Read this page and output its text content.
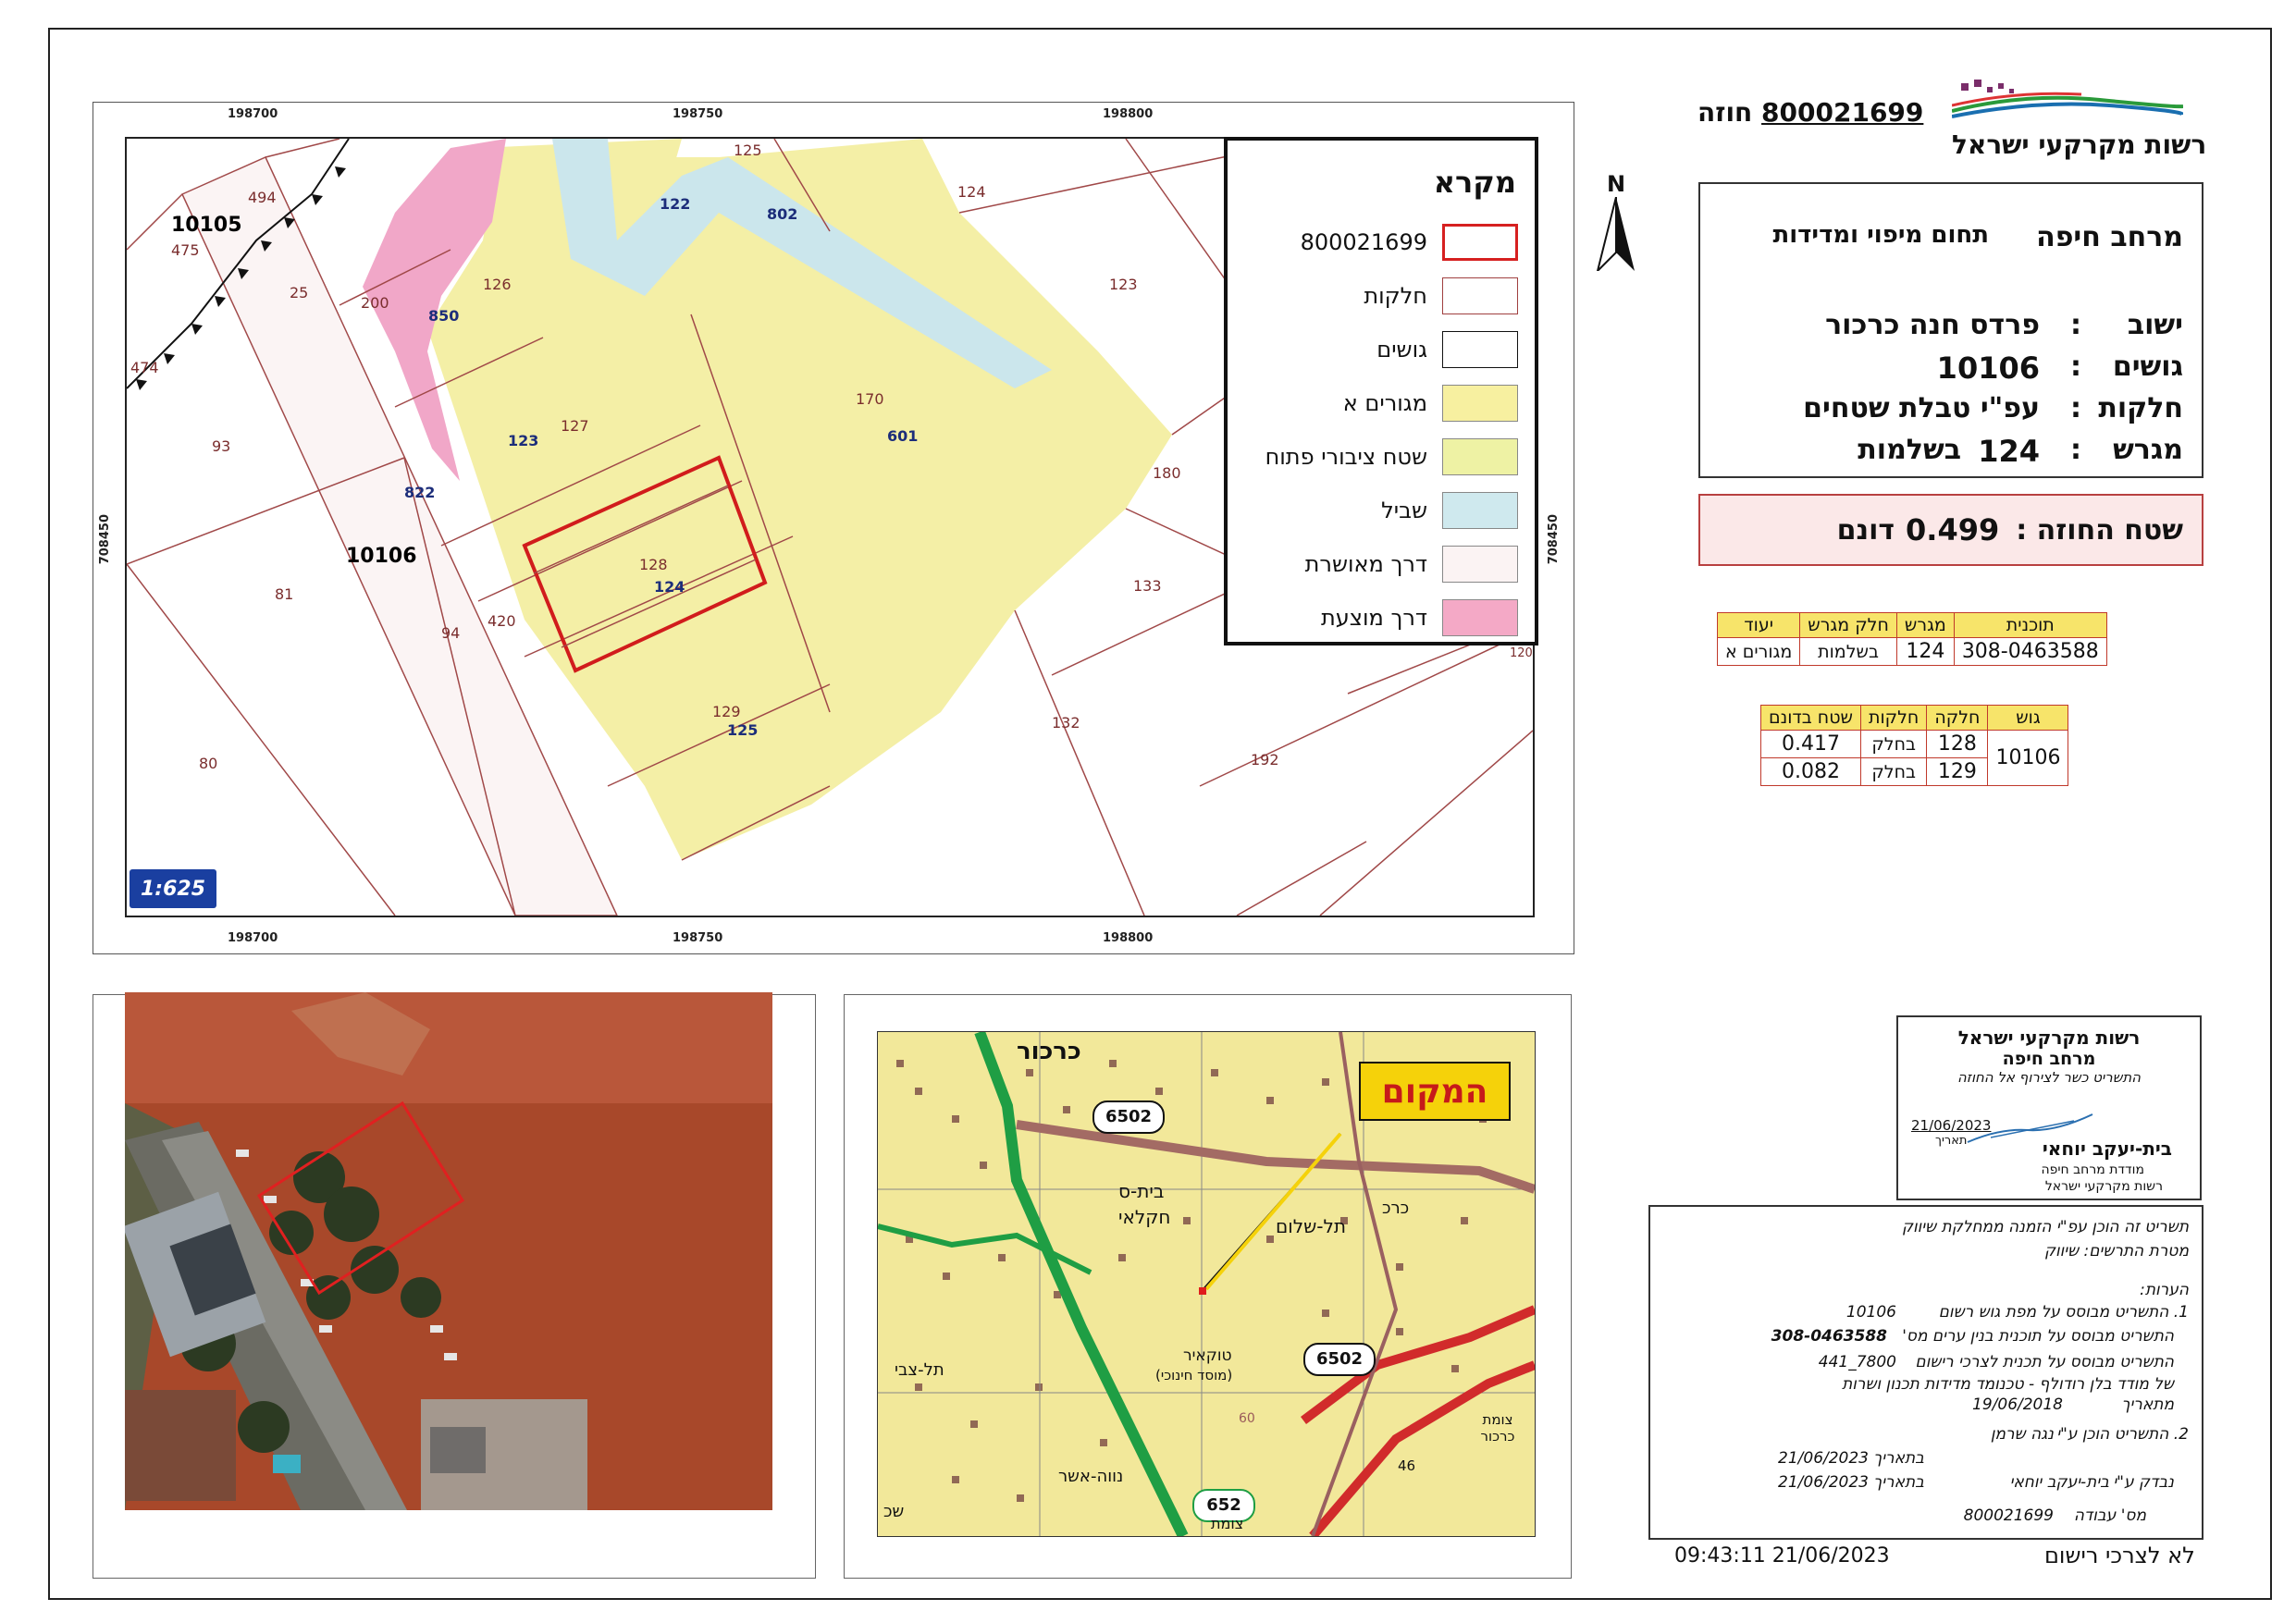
198700	198750	198800
198700	198750	198800
708450	708450
10105
10106
494
475
474
25
200
126
850
122
802
125
124
123
170
601
127
123
93
822
180
128
124
81
94
420
133
129
125	132
80	192
120
1:625
מקרא
800021699
חלקות
גושים
מגורים א
שטח ציבורי פתוח
שביל
דרך מאושרת
דרך מוצעת
N
800021699 חוזה
רשות מקרקעי ישראל
מרחב חיפה
תחום מיפוי ומדידות
ישוב
:
פרדס חנה כרכור
גושים
:
10106
חלקות
:
עפ"י טבלת שטחים
מגרש
:
124
בשלמות
שטח החוזה :
0.499
דונם
תוכנית	מגרש	חלק מגרש	יעוד
308-0463588	124	בשלמות	מגורים א
גוש	חלקה	חלקות	שטח בדונם
10106	128	בחלק	0.417
	129	בחלק	0.082
המקום
6502
6502
652
כרכור
בית-ס
חקלאי	תל-שלום
תל-צבי
טוקאיר
(מוסד חינוכי)
נווה-אשר
צומת
צומת כרכור
כרכ
שכ
46
60
רשות מקרקעי ישראל
מרחב חיפה
התשריט כשר לצירוף אל החוזה
21/06/2023
תאריך	בית-יעקב יוחאי
מודדת מרחב חיפה
רשות מקרקעי ישראל
תשריט זה הוכן עפ"י הזמנה ממחלקת שיווק
מטרת התרשים: שיווק
הערות:
1. התשריט מבוסס על מפת גוש רשום
10106
התשריט מבוסס על תוכנית בנין ערים מס'
308-0463588
התשריט מבוסס על תכנית לצרכי רישום
7800_441
של מודד בלן רודולף - טכנומד מדידות תכנון ושרות
מתאריך
19/06/2018
2. התשריט הוכן ע"י
נגה שרמן
בתאריך
21/06/2023
נבדק ע"י
בית-יעקב יוחאי
בתאריך
21/06/2023
מס' עבודה
800021699
09:43:11 21/06/2023	לא לצרכי רישום
